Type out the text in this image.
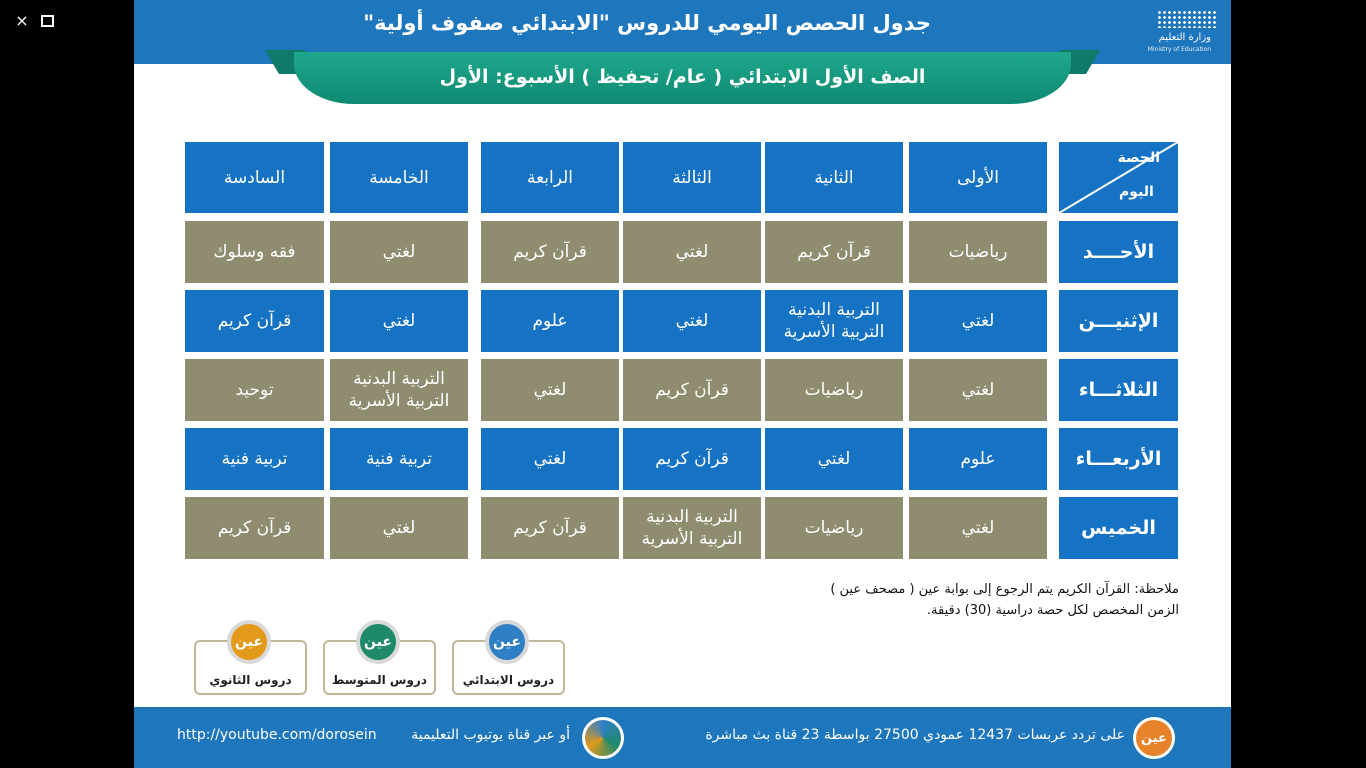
×	جدول الحصص اليومي للدروس "الابتدائي صفوف أولية"
وزارة التعليم
Ministry of Education
الصف الأول الابتدائي ( عام/ تحفيظ ) الأسبوع: الأول
الحصة
اليوم
الأولى
الثانية
الثالثة
الرابعة
الخامسة
السادسة
الأحــــد
رياضيات
قرآن كريم
لغتي
قرآن كريم
لغتي
فقه وسلوك
الإثنيـــن
لغتي
التربية البدنية
التربية الأسرية
لغتي
علوم
لغتي
قرآن كريم
الثلاثـــاء
لغتي
رياضيات
قرآن كريم
لغتي
التربية البدنية
التربية الأسرية
توحيد
الأربعـــاء
علوم
لغتي
قرآن كريم
لغتي
تربية فنية
تربية فنية
الخميس
لغتي
رياضيات
التربية البدنية
التربية الأسرية
قرآن كريم
لغتي
قرآن كريم
ملاحظة: القرآن الكريم يتم الرجوع إلى بوابة عين ( مصحف عين )
الزمن المخصص لكل حصة دراسية (30) دقيقة.
عين
دروس الابتدائي
عين
دروس المتوسط
عين
دروس الثانوي
عين
على تردد عربسات 12437 عمودي 27500 بواسطة 23 قناة بث مباشرة
أو عبر قناة يوتيوب التعليمية
http://youtube.com/dorosein
